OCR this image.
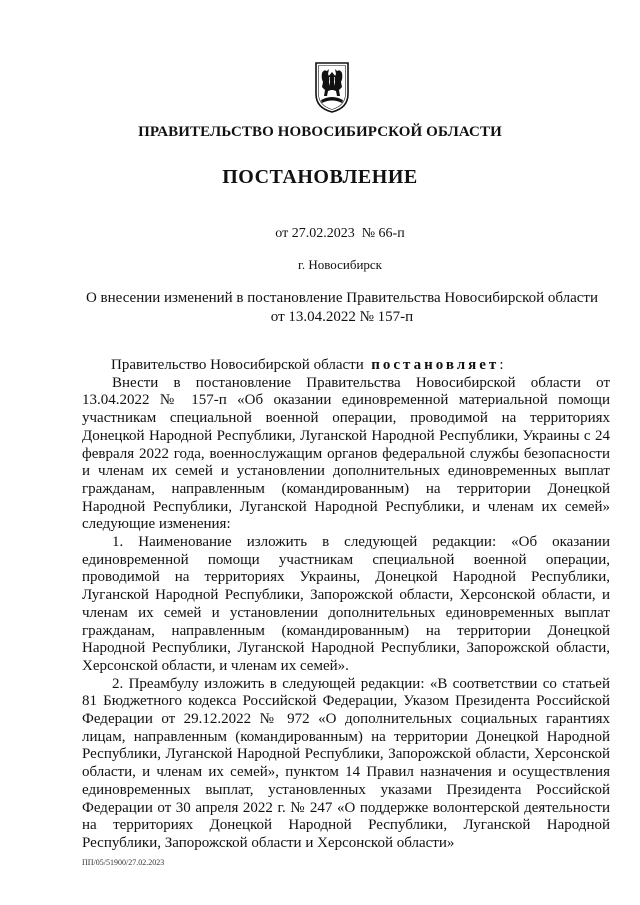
ПРАВИТЕЛЬСТВО НОВОСИБИРСКОЙ ОБЛАСТИ
ПОСТАНОВЛЕНИЕ
от 27.02.2023  № 66-п
г. Новосибирск
О внесении изменений в постановление Правительства Новосибирской области
от 13.04.2022 № 157-п

Правительство Новосибирской области постановляет:

Внести в постановление Правительства Новосибирской области от 13.04.2022 № 157-п «Об оказании единовременной материальной помощи участникам специальной военной операции, проводимой на территориях Донецкой Народной Республики, Луганской Народной Республики, Украины с 24 февраля 2022 года, военнослужащим органов федеральной службы безопасности и членам их семей и установлении дополнительных единовременных выплат гражданам, направленным (командированным) на территории Донецкой Народной Республики, Луганской Народной Республики, и членам их семей» следующие изменения:

1. Наименование изложить в следующей редакции: «Об оказании единовременной помощи участникам специальной военной операции, проводимой на территориях Украины, Донецкой Народной Республики, Луганской Народной Республики, Запорожской области, Херсонской области, и членам их семей и установлении дополнительных единовременных выплат гражданам, направленным (командированным) на территории Донецкой Народной Республики, Луганской Народной Республики, Запорожской области, Херсонской области, и членам их семей».

2. Преамбулу изложить в следующей редакции: «В соответствии со статьей 81 Бюджетного кодекса Российской Федерации, Указом Президента Российской Федерации от 29.12.2022 № 972 «О дополнительных социальных гарантиях лицам, направленным (командированным) на территории Донецкой Народной Республики, Луганской Народной Республики, Запорожской области, Херсонской области, и членам их семей», пунктом 14 Правил назначения и осуществления единовременных выплат, установленных указами Президента Российской Федерации от 30 апреля 2022 г. № 247 «О поддержке волонтерской деятельности на территориях Донецкой Народной Республики, Луганской Народной Республики, Запорожской области и Херсонской области»

ПП/05/51900/27.02.2023
